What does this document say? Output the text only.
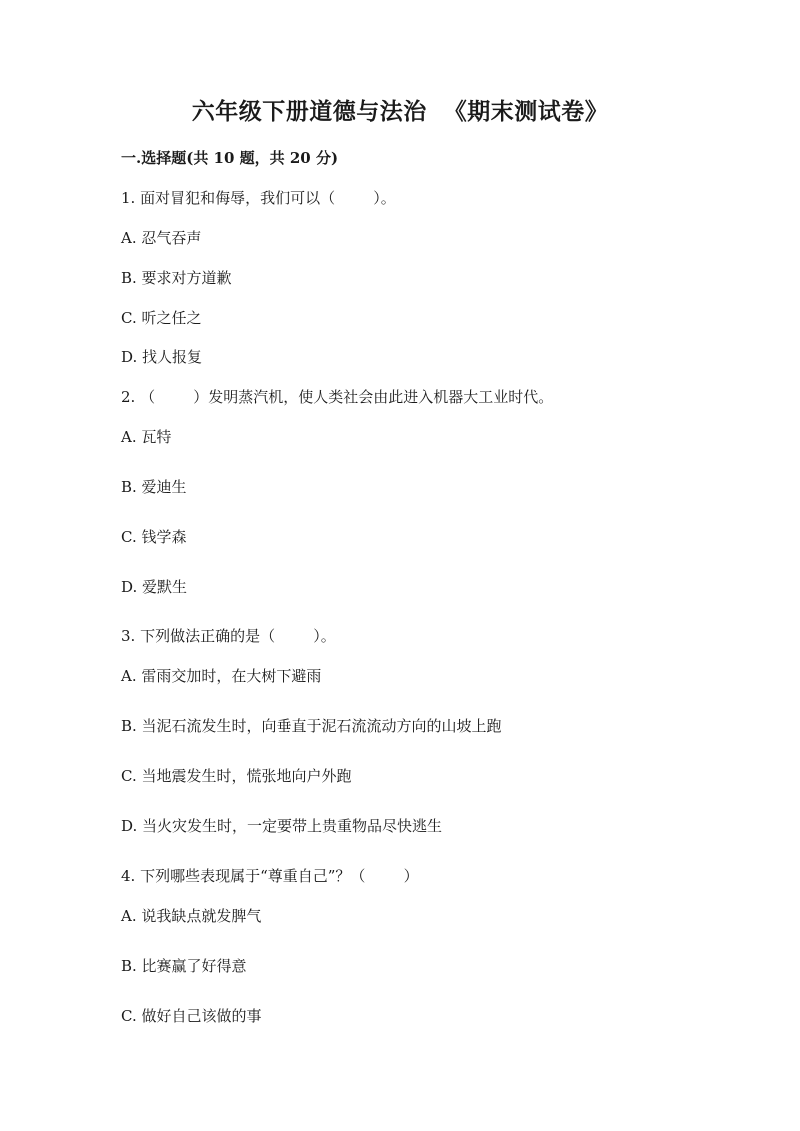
六年级下册道德与法治  《期末测试卷》
一.选择题(共 10 题，共 20 分)
1. 面对冒犯和侮辱，我们可以（        ）。
A. 忍气吞声
B. 要求对方道歉
C. 听之任之
D. 找人报复
2. （        ）发明蒸汽机，使人类社会由此进入机器大工业时代。
A. 瓦特
B. 爱迪生
C. 钱学森
D. 爱默生
3. 下列做法正确的是（        ）。
A. 雷雨交加时，在大树下避雨
B. 当泥石流发生时，向垂直于泥石流流动方向的山坡上跑
C. 当地震发生时，慌张地向户外跑
D. 当火灾发生时，一定要带上贵重物品尽快逃生
4. 下列哪些表现属于“尊重自己”？（        ）
A. 说我缺点就发脾气
B. 比赛赢了好得意
C. 做好自己该做的事
